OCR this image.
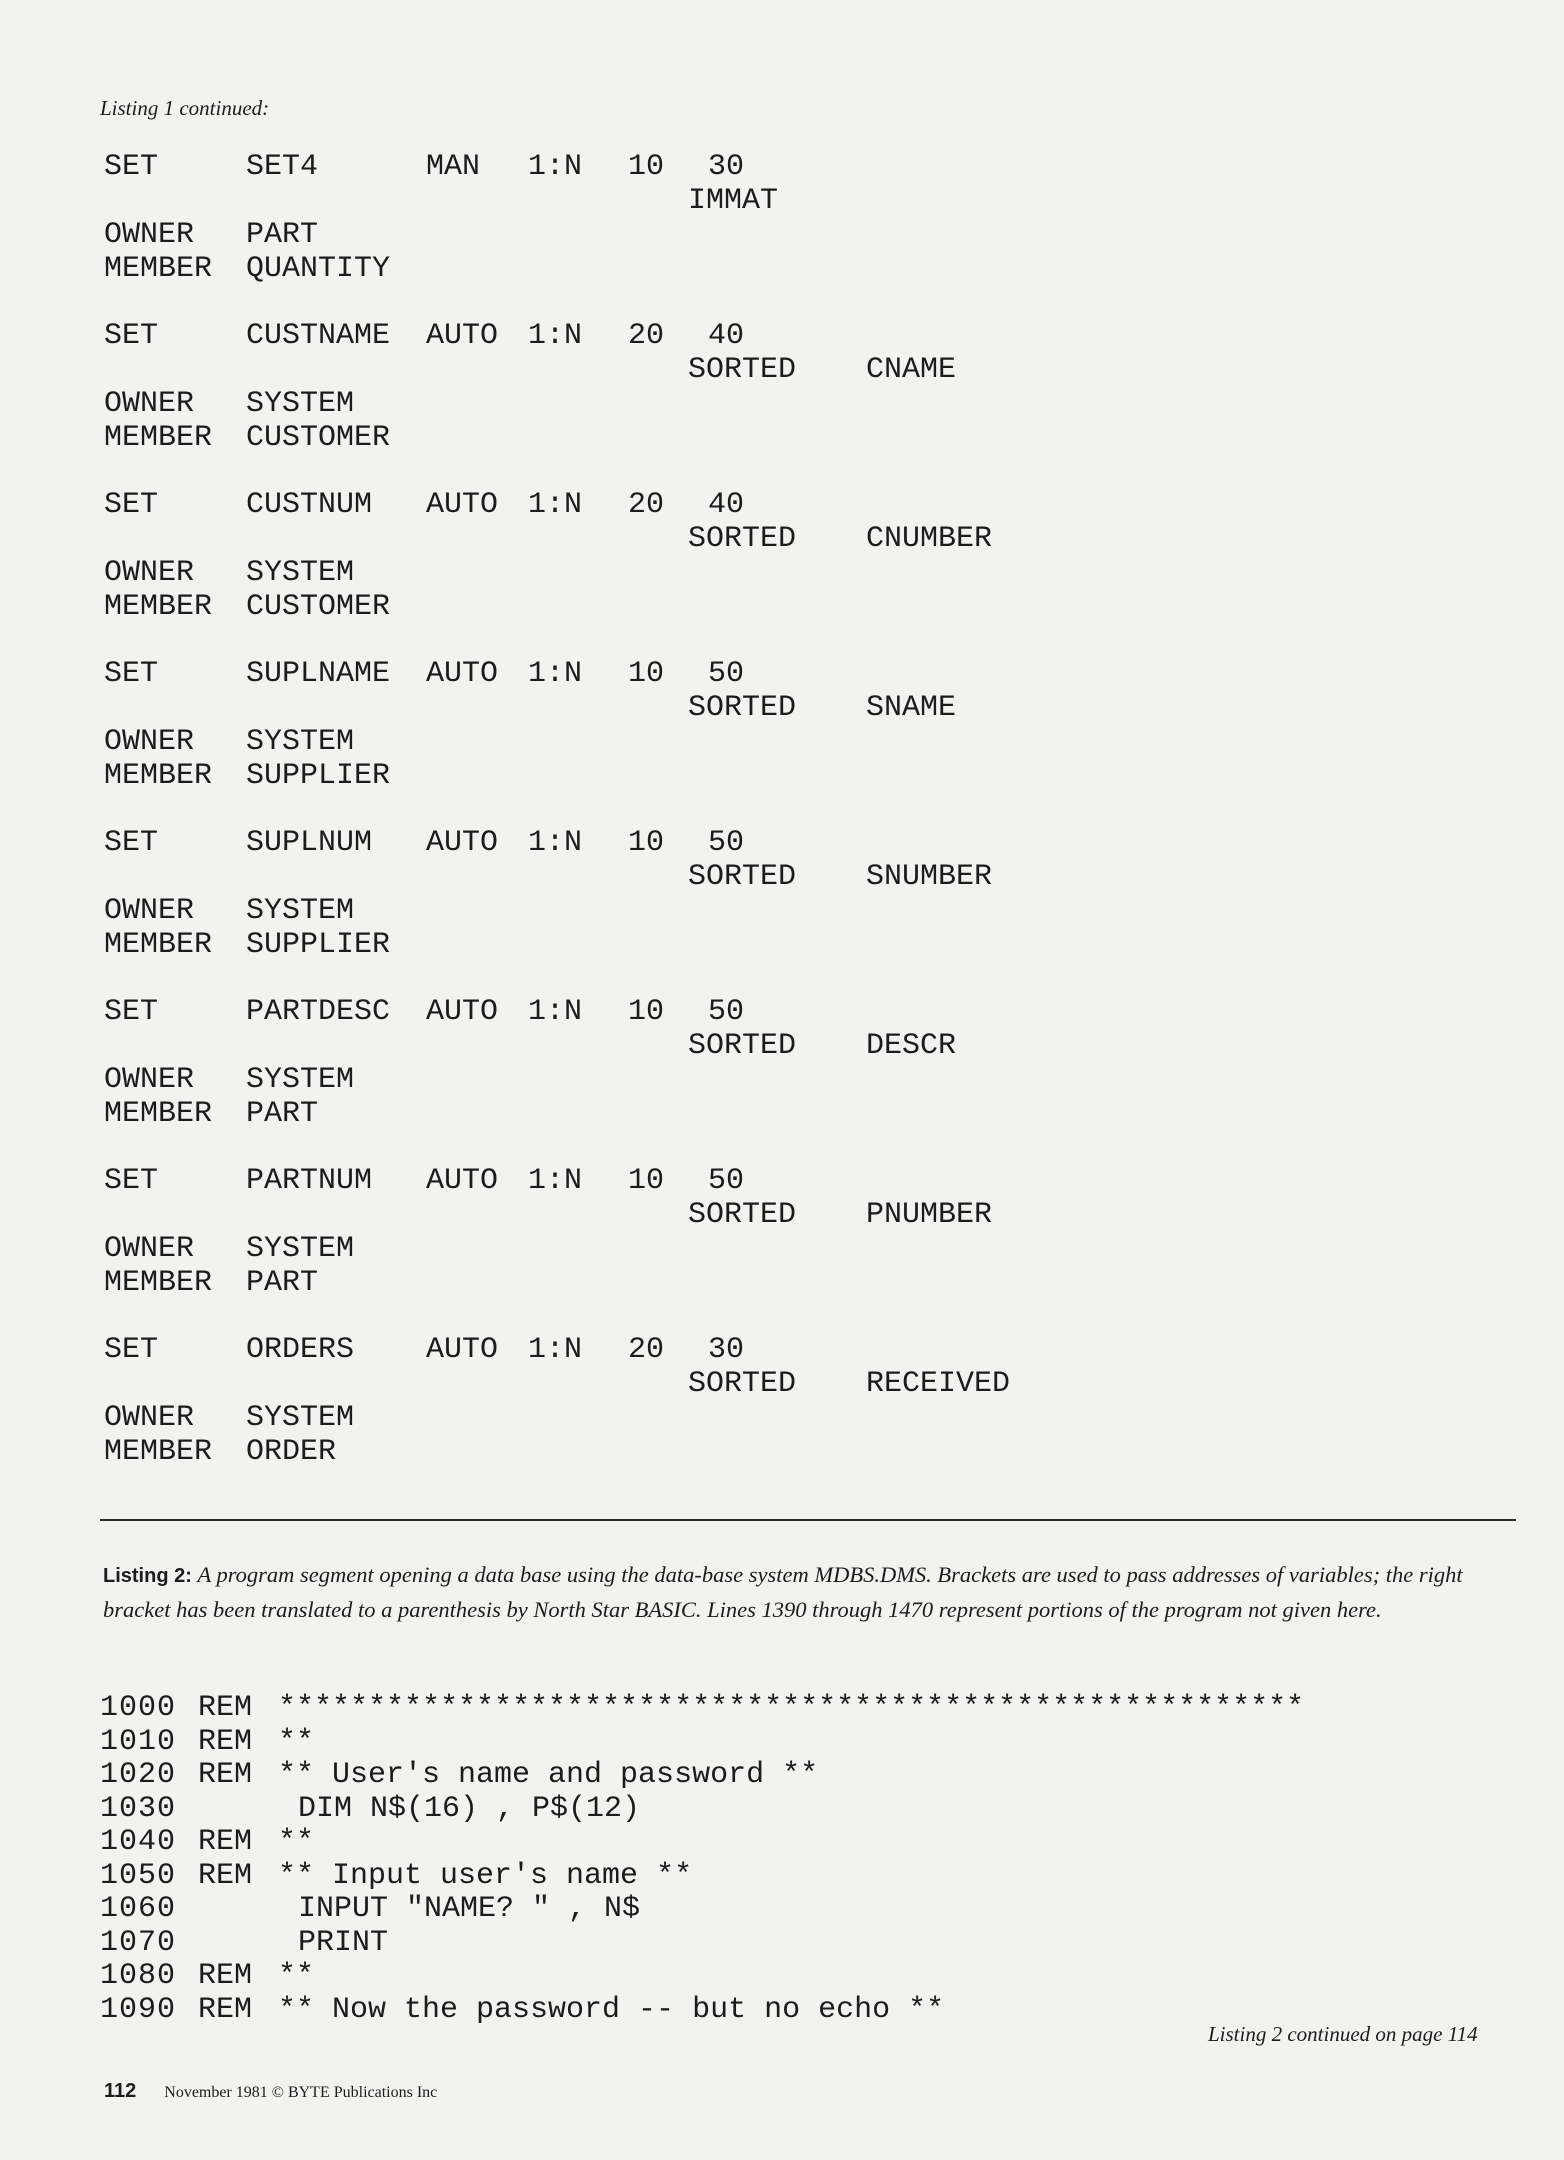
Listing 1 continued:
SET	SET4	MAN 1:N 10 30
IMMAT
OWNER PART
MEMBER QUANTITY
SET	CUSTNAME AUTO 1:N 20 40
SORTED CNAME
OWNER SYSTEM
MEMBER CUSTOMER
SET	CUSTNUM AUTO 1:N 20 40
SORTED CNUMBER
OWNER SYSTEM
MEMBER CUSTOMER
SET	SUPLNAME AUTO 1:N 10 50
SORTED SNAME
OWNER SYSTEM
MEMBER SUPPLIER
SET	SUPLNUM AUTO 1:N 10 50
SORTED SNUMBER
OWNER SYSTEM
MEMBER SUPPLIER
SET	PARTDESC AUTO 1:N 10 50
SORTED DESCR
OWNER SYSTEM
MEMBER PART
SET	PARTNUM AUTO 1:N 10 50
SORTED PNUMBER
OWNER SYSTEM
MEMBER PART
SET	ORDERS AUTO 1:N 20 30
SORTED RECEIVED
OWNER SYSTEM
MEMBER ORDER
Listing 2: A program segment opening a data base using the data-base system MDBS.DMS. Brackets are used to pass addresses of variables; the right bracket has been translated to a parenthesis by North Star BASIC. Lines 1390 through 1470 represent portions of the program not given here.
1000 REM *********************************************************
1010 REM **
1020 REM ** User's name and password **
1030	DIM N$(16) , P$(12)
1040 REM **
1050 REM ** Input user's name **
1060	INPUT "NAME? " , N$
1070	PRINT
1080 REM **
1090 REM ** Now the password -- but no echo **
Listing 2 continued on page 114
112 November 1981 © BYTE Publications Inc
